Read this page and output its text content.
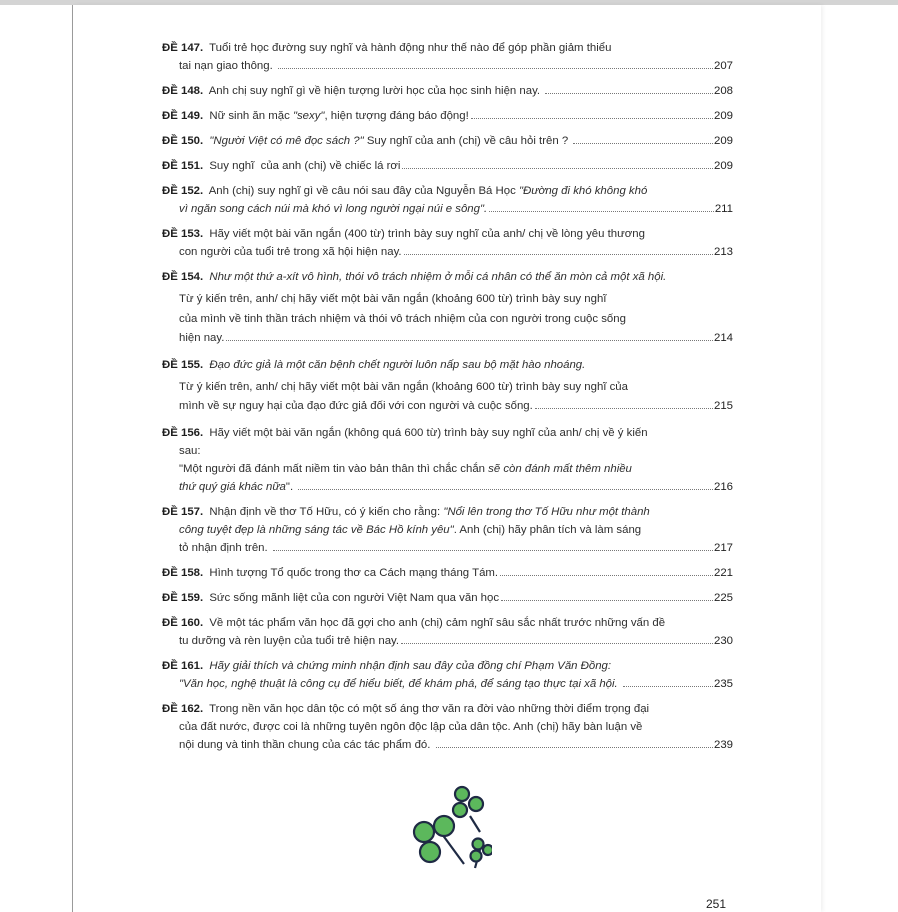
ĐỀ 147. Tuổi trẻ học đường suy nghĩ và hành động như thế nào để góp phần giảm thiểu
tai nạn giao thông.	207
ĐỀ 148. Anh chị suy nghĩ gì về hiện tượng lười học của học sinh hiện nay.	208
ĐỀ 149. Nữ sinh ăn mặc "sexy" , hiện tượng đáng báo động!	209
ĐỀ 150. "Người Việt có mê đọc sách ?" Suy nghĩ của anh (chị) về câu hỏi trên ?	209
ĐỀ 151. Suy nghĩ  của anh (chị) về chiếc lá rơi	209
ĐỀ 152. Anh (chị) suy nghĩ gì về câu nói sau đây của Nguyễn Bá Học "Đường đi khó không khó
vì ngăn song cách núi mà khó vì long người ngại núi e sông".	211
ĐỀ 153. Hãy viết một bài văn ngắn (400 từ) trình bày suy nghĩ của anh/ chị về lòng yêu thương
con người của tuổi trẻ trong xã hội hiện nay.	213
ĐỀ 154. Như một thứ a-xít vô hình, thói vô trách nhiệm ở mỗi cá nhân có thể ăn mòn cả một xã hội.
Từ ý kiến trên, anh/ chị hãy viết một bài văn ngắn (khoảng 600 từ) trình bày suy nghĩ
của mình về tinh thần trách nhiệm và thói vô trách nhiệm của con người trong cuộc sống
hiện nay.	214
ĐỀ 155. Đạo đức giả là một căn bệnh chết người luôn nấp sau bộ mặt hào nhoáng.
Từ ý kiến trên, anh/ chị hãy viết một bài văn ngắn (khoảng 600 từ) trình bày suy nghĩ của
mình về sự nguy hại của đạo đức giả đối với con người và cuộc sống.	215
ĐỀ 156. Hãy viết một bài văn ngắn (không quá 600 từ) trình bày suy nghĩ của anh/ chị về ý kiến
sau:
"Một người đã đánh mất niềm tin vào bản thân thì chắc chắn sẽ còn đánh mất thêm nhiều
thứ quý giá khác nữa ".	216
ĐỀ 157. Nhận định về thơ Tố Hữu, có ý kiến cho rằng: "Nổi lên trong thơ Tố Hữu như một thành
công tuyệt đẹp là những sáng tác về Bác Hồ kính yêu" . Anh (chị) hãy phân tích và làm sáng
tỏ nhận định trên.	217
ĐỀ 158. Hình tượng Tổ quốc trong thơ ca Cách mạng tháng Tám.	221
ĐỀ 159. Sức sống mãnh liệt của con người Việt Nam qua văn học	225
ĐỀ 160. Về một tác phẩm văn học đã gợi cho anh (chị) cảm nghĩ sâu sắc nhất trước những vấn đề
tu dưỡng và rèn luyện của tuổi trẻ hiện nay.	230
ĐỀ 161. Hãy giải thích và chứng minh nhận định sau đây của đồng chí Phạm Văn Đồng:
"Văn học, nghệ thuật là công cụ để hiểu biết, để khám phá, để sáng tạo thực tại xã hội.	235
ĐỀ 162. Trong nền văn học dân tộc có một số áng thơ văn ra đời vào những thời điểm trọng đại
của đất nước, được coi là những tuyên ngôn độc lập của dân tộc. Anh (chị) hãy bàn luận về
nội dung và tinh thần chung của các tác phẩm đó.	239
251
